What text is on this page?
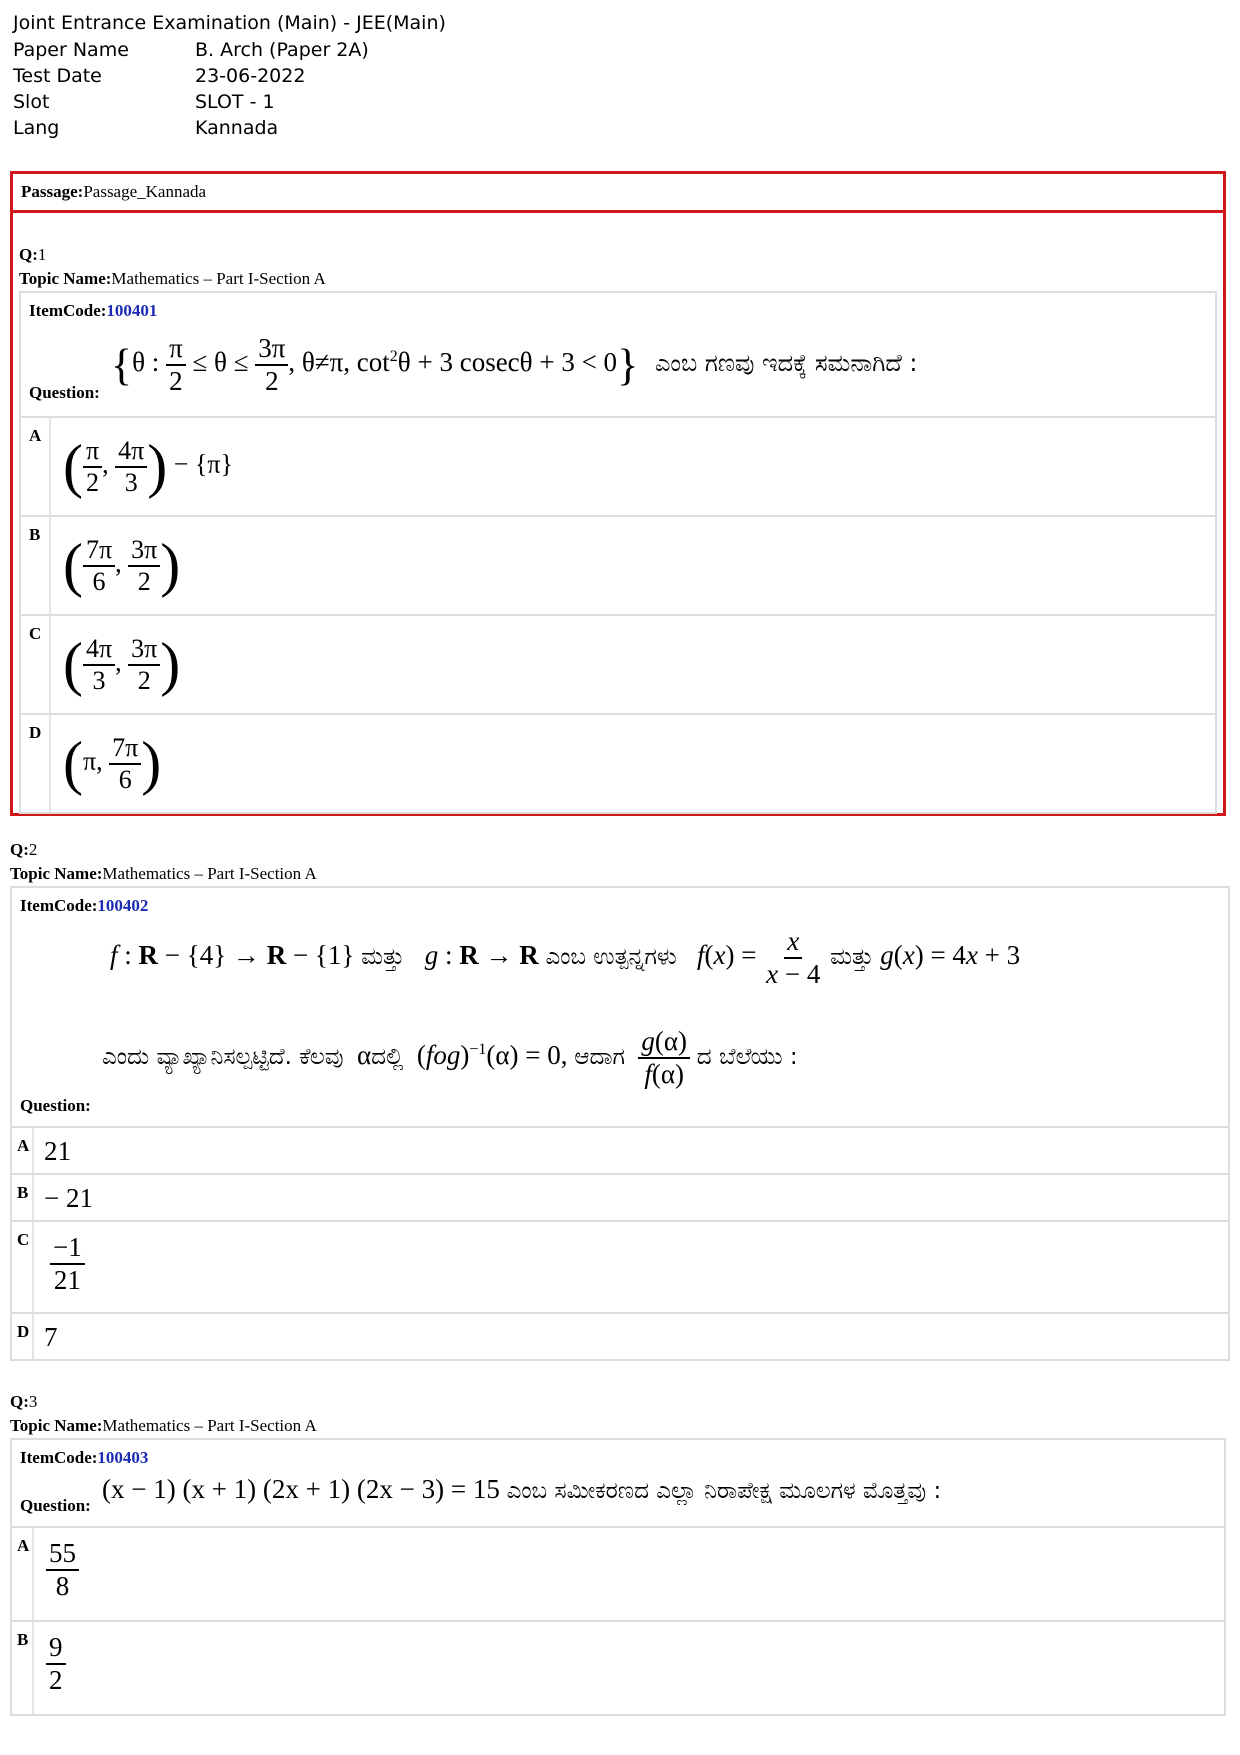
Joint Entrance Examination (Main) - JEE(Main)
Paper Name	B. Arch (Paper 2A)
Test Date	23-06-2022
Slot	SLOT - 1
Lang	Kannada
Passage:Passage_Kannada
Q:1
Topic Name:Mathematics – Part I-Section A
ItemCode:100401
Question:
{θ : $\frac{\pi}{2} \le \theta \le \frac{3\pi}{2}$ , θ≠π, $\cot^2\theta + 3$ cosecθ + 3 < 0} ಎಂಬ ಗಣವು ಇದಕ್ಕೆ ಸಮನಾಗಿದೆ :
A ( $\frac{\pi}{2}$ , $\frac{4\pi}{3}$ ) − {π}
B ( $\frac{7\pi}{6}$ , $\frac{3\pi}{2}$ )
C ( $\frac{4\pi}{3}$ , $\frac{3\pi}{2}$ )
D (π, $\frac{7\pi}{6}$ )
Q:2
Topic Name:Mathematics – Part I-Section A
ItemCode:100402
f : R − {4} → R − {1} ಮತ್ತು g : R → R ಎಂಬ ಉತ್ಪನ್ನಗಳು $f(x) = \frac{x}{x - 4}$ ಮತ್ತು g(x) = 4x + 3
ಎಂದು ವ್ಯಾಖ್ಯಾನಿಸಲ್ಪಟ್ಟಿದೆ. ಕೆಲವು  αದಲ್ಲಿ  (fog)$^{-1}$(α) = 0, ಆದಾಗ $\frac{g(\alpha)}{f(\alpha)}$ ದ ಬೆಲೆಯು :
Question:
A 21
B − 21
C $\frac{-1}{21}$
D 7
Q:3
Topic Name:Mathematics – Part I-Section A
ItemCode:100403
Question:
(x − 1) (x + 1) (2x + 1) (2x − 3) = 15 ಎಂಬ ಸಮೀಕರಣದ ಎಲ್ಲಾ ನಿರಾಪೇಕ್ಷ ಮೂಲಗಳ ಮೊತ್ತವು :
A $\frac{55}{8}$
B $\frac{9}{2}$
